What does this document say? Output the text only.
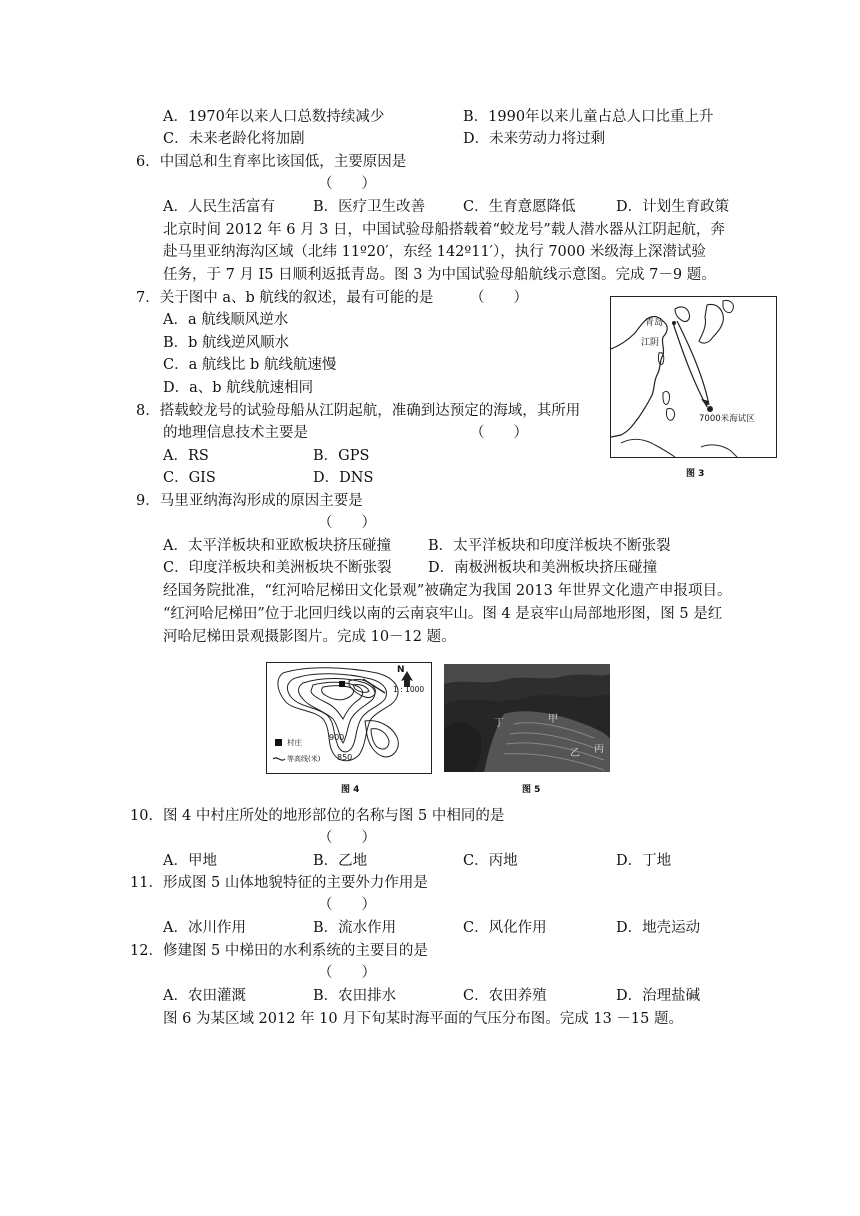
A．1970年以来人口总数持续减少	B．1990年以来儿童占总人口比重上升
C．未来老龄化将加剧	D．未来劳动力将过剩
6．中国总和生育率比该国低，主要原因是
（　　）
A．人民生活富有	B．医疗卫生改善	C．生育意愿降低	D．计划生育政策
北京时间 2012 年 6 月 3 日，中国试验母船搭载着“蛟龙号”载人潜水器从江阴起航，奔
赴马里亚纳海沟区域（北纬 11º20′，东经 142º11′），执行 7000 米级海上深潜试验
任务，于 7 月 I5 日顺利返抵青岛。图 3 为中国试验母船航线示意图。完成 7－9 题。
7．关于图中 a、b 航线的叙述，最有可能的是	（　　）
A．a 航线顺风逆水
B．b 航线逆风顺水
C．a 航线比 b 航线航速慢
D．a、b 航线航速相同
8．搭载蛟龙号的试验母船从江阴起航，准确到达预定的海域，其所用
的地理信息技术主要是	（　　）
A．RS	B．GPS
C．GIS	D．DNS
青岛
江阴
7000米海试区
图 3
9．马里亚纳海沟形成的原因主要是
（　　）
A．太平洋板块和亚欧板块挤压碰撞	B．太平洋板块和印度洋板块不断张裂
C．印度洋板块和美洲板块不断张裂	D．南极洲板块和美洲板块挤压碰撞
经国务院批准，“红河哈尼梯田文化景观”被确定为我国 2013 年世界文化遗产申报项目。
“红河哈尼梯田”位于北回归线以南的云南哀牢山。图 4 是哀牢山局部地形图，图 5 是红
河哈尼梯田景观摄影图片。完成 10－12 题。
N
1 : 1000
900
850
村庄
等高线(米)
图 4
甲
乙 丙
丁
图 5
10．图 4 中村庄所处的地形部位的名称与图 5 中相同的是
（　　）
A．甲地	B．乙地	C．丙地	D．丁地
11．形成图 5 山体地貌特征的主要外力作用是
（　　）
A．冰川作用	B．流水作用	C．风化作用	D．地壳运动
12．修建图 5 中梯田的水利系统的主要目的是
（　　）
A．农田灌溉	B．农田排水	C．农田养殖	D．治理盐碱
图 6 为某区域 2012 年 10 月下旬某时海平面的气压分布图。完成 13 －15 题。
